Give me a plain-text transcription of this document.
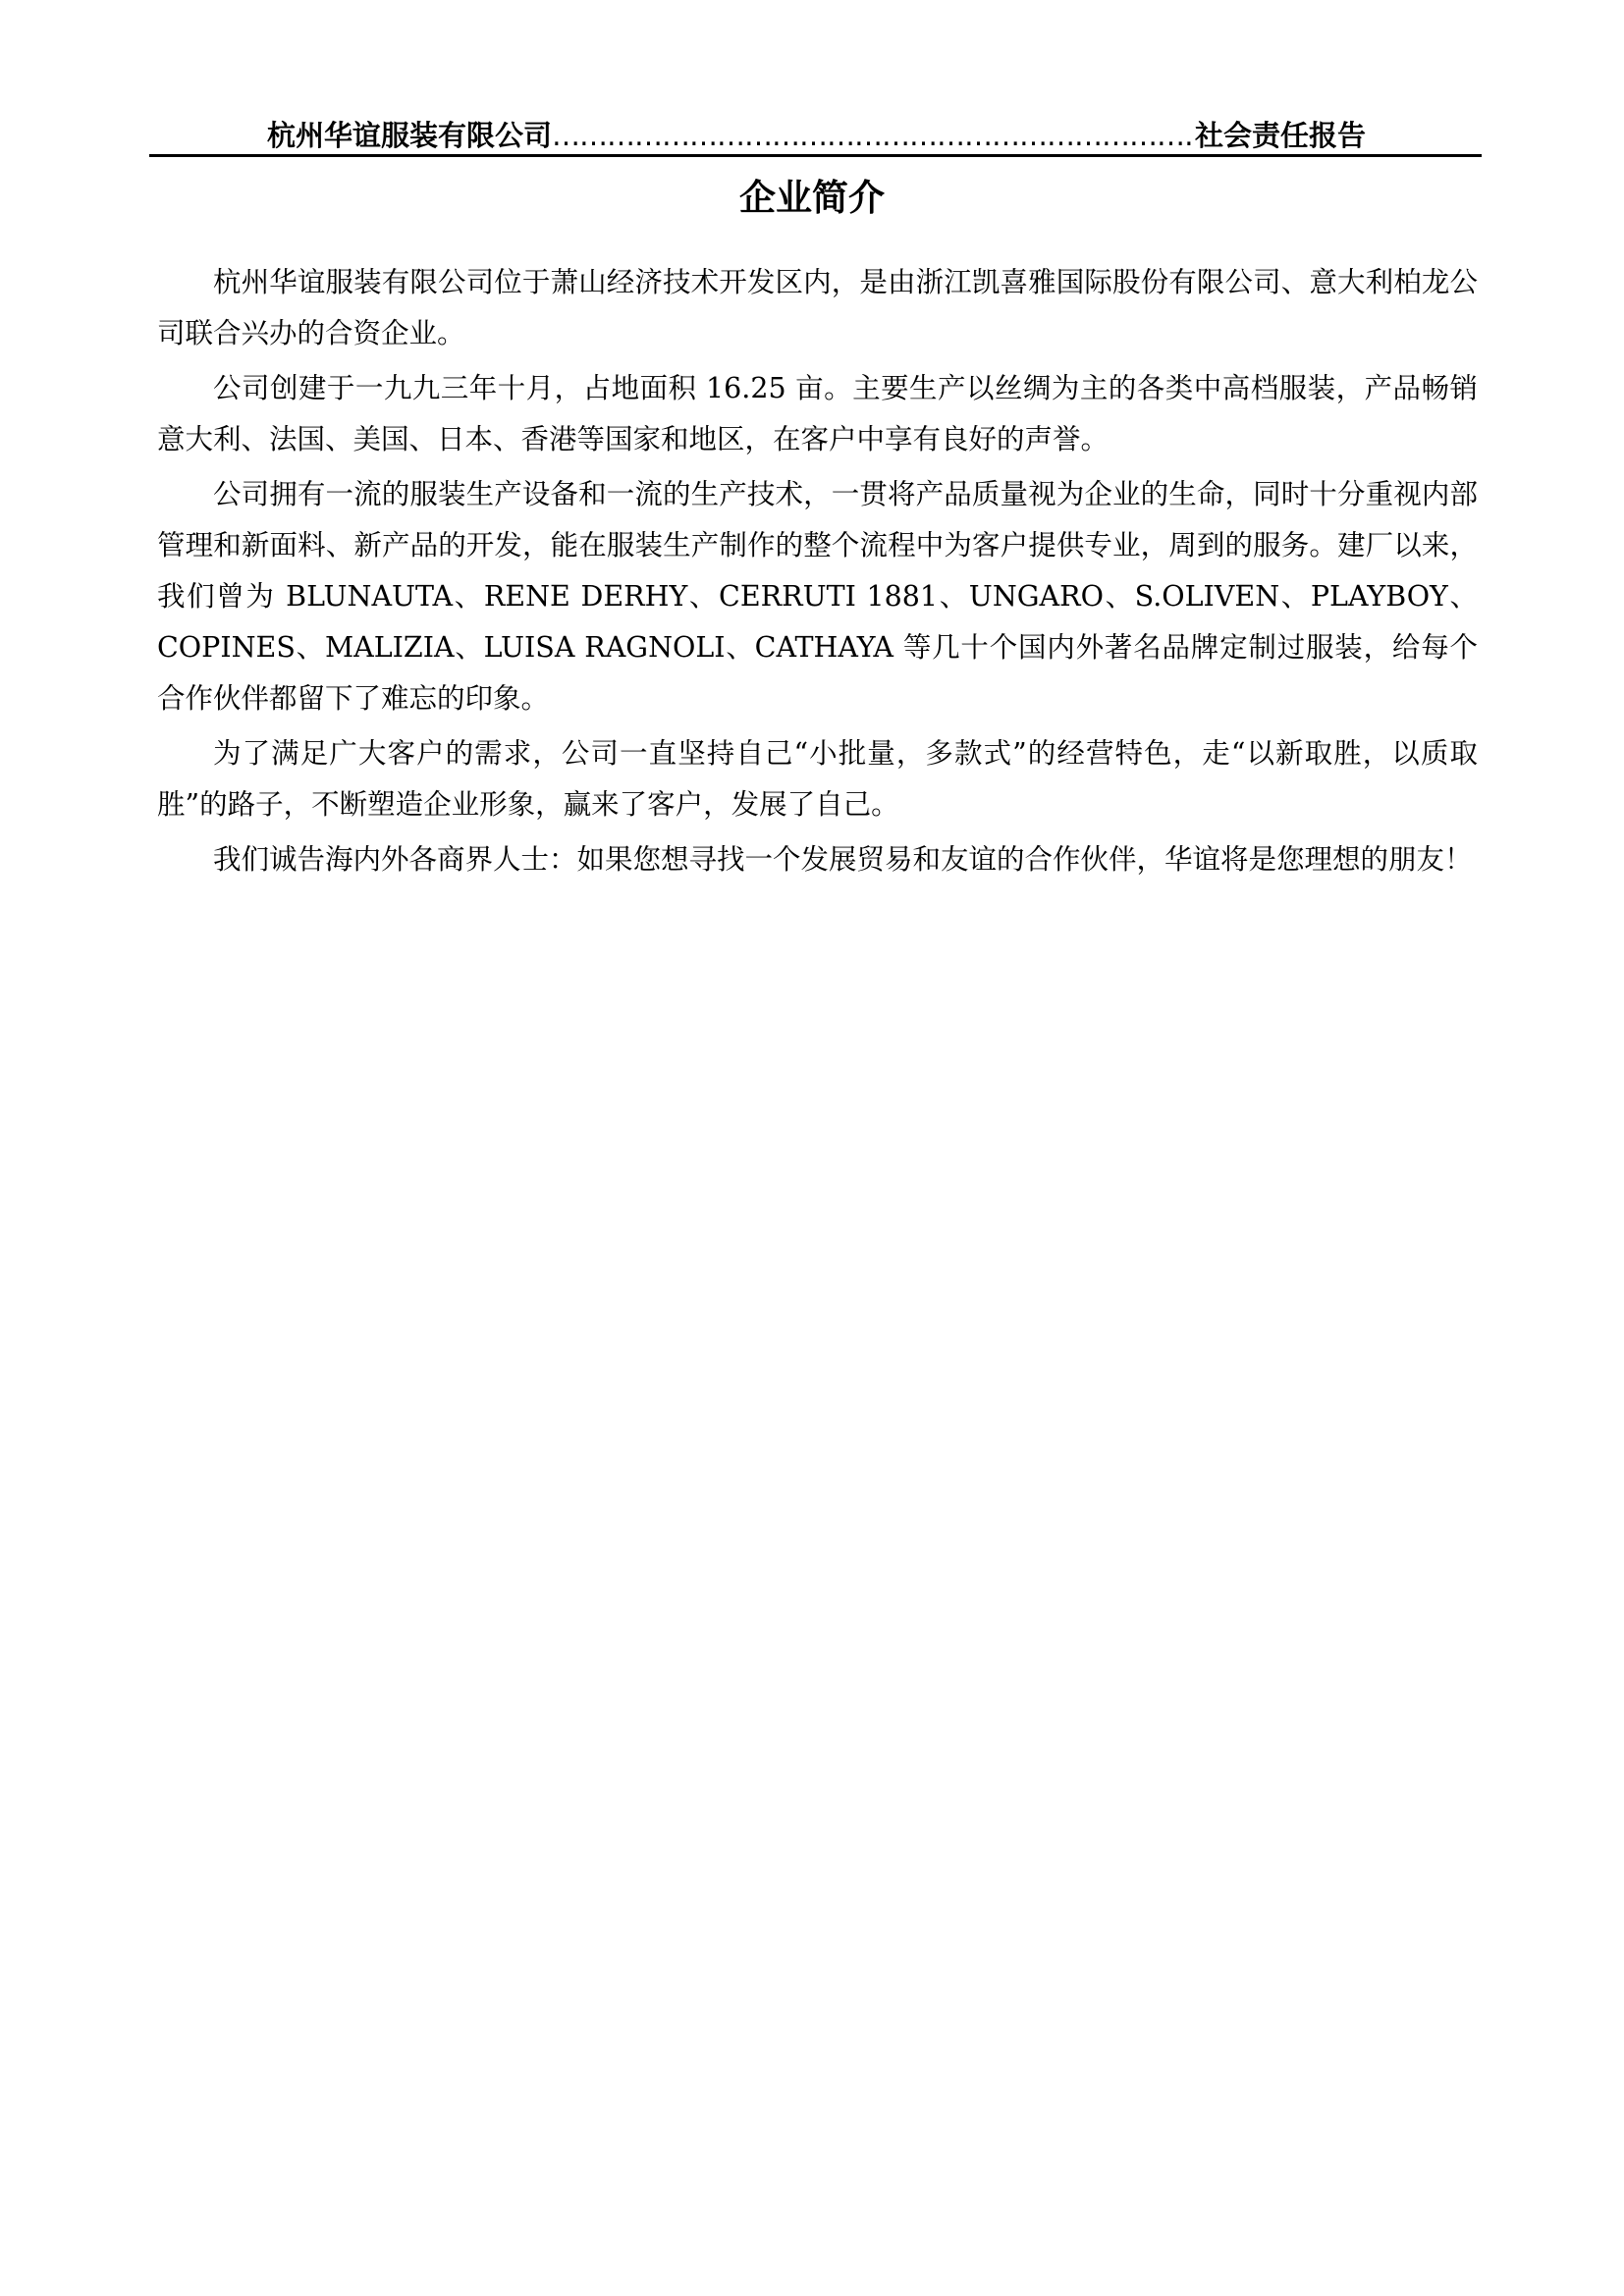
杭州华谊服装有限公司
…………………………………………………………………………………………………………………………………………	社会责任报告
企业简介

杭州华谊服装有限公司位于萧山经济技术开发区内，是由浙江凯喜雅国际股份有限公司、意大利柏龙公司联合兴办的合资企业。

公司创建于一九九三年十月，占地面积 16.25 亩。主要生产以丝绸为主的各类中高档服装，产品畅销意大利、法国、美国、日本、香港等国家和地区，在客户中享有良好的声誉。

公司拥有一流的服装生产设备和一流的生产技术，一贯将产品质量视为企业的生命，同时十分重视内部管理和新面料、新产品的开发，能在服装生产制作的整个流程中为客户提供专业，周到的服务。建厂以来，我们曾为 BLUNAUTA、RENE DERHY、CERRUTI 1881、UNGARO、S.OLIVEN、PLAYBOY、COPINES、MALIZIA、LUISA RAGNOLI、CATHAYA 等几十个国内外著名品牌定制过服装，给每个合作伙伴都留下了难忘的印象。

为了满足广大客户的需求，公司一直坚持自己“小批量，多款式”的经营特色，走“以新取胜，以质取胜”的路子，不断塑造企业形象，赢来了客户，发展了自己。

我们诚告海内外各商界人士：如果您想寻找一个发展贸易和友谊的合作伙伴，华谊将是您理想的朋友！
